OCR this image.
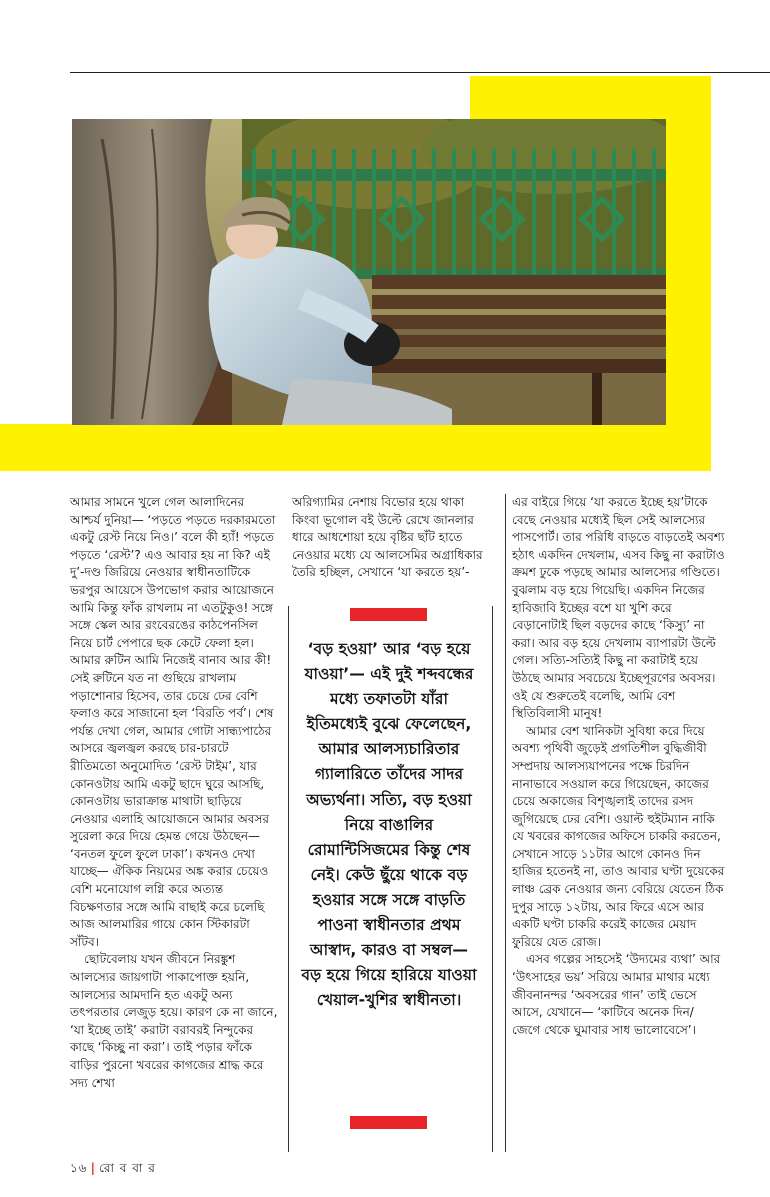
আমার সামনে খুলে গেল আলাদিনের আশ্চর্য দুনিয়া— ‘পড়তে পড়তে দরকারমতো একটু রেস্ট নিয়ে নিও।’ বলে কী হ্যাঁ! পড়তে পড়তে ‘রেস্ট’? এও আবার হয় না কি? এই দু’-দণ্ড জিরিয়ে নেওয়ার স্বাধীনতাটিকে ভরপুর আয়েসে উপভোগ করার আয়োজনে আমি কিন্তু ফাঁক রাখলাম না এতটুকুও! সঙ্গে সঙ্গে স্কেল আর রংবেরঙের কাঠপেনসিল নিয়ে চার্ট পেপারে ছক কেটে ফেলা হল। আমার রুটিন আমি নিজেই বানাব আর কী! সেই রুটিনে যত না গুছিয়ে রাখলাম পড়াশোনার হিসেব, তার চেয়ে ঢের বেশি ফলাও করে সাজানো হল ‘বিরতি পর্ব’। শেষ পর্যন্ত দেখা গেল, আমার গোটা সান্ধ্যপাঠের আসরে জ্বলজ্বল করছে চার-চারটে রীতিমতো অনুমোদিত ‘রেস্ট টাইম’, যার কোনওটায় আমি একটু ছাদে ঘুরে আসছি, কোনওটায় ভারাক্রান্ত মাথাটা ছাড়িয়ে নেওয়ার এলাহি আয়োজনে আমার অবসর সুরেলা করে দিয়ে হেমন্ত গেয়ে উঠছেন— ‘বনতল ফুলে ফুলে ঢাকা’। কখনও দেখা যাচ্ছে— ঐকিক নিয়মের অঙ্ক করার চেয়েও বেশি মনোযোগ লগ্নি করে অত্যন্ত বিচক্ষণতার সঙ্গে আমি বাছাই করে চলেছি আজ আলমারির গায়ে কোন স্টিকারটা সাঁটব।

ছোটবেলায় যখন জীবনে নিরঙ্কুশ আলস্যের জায়গাটা পাকাপোক্ত হয়নি, আলস্যের আমদানি হত একটু অন্য তৎপরতার লেজুড় হয়ে। কারণ কে না জানে, ‘যা ইচ্ছে তাই’ করাটা বরাবরই নিন্দুকের কাছে ‘কিচ্ছু না করা’। তাই পড়ার ফাঁকে বাড়ির পুরনো খবরের কাগজের শ্রাদ্ধ করে সদ্য শেখা

অরিগ্যামির নেশায় বিভোর হয়ে থাকা কিংবা ভূগোল বই উল্টে রেখে জানলার ধারে আধশোয়া হয়ে বৃষ্টির ছাঁট হাতে নেওয়ার মধ্যে যে আলসেমির অগ্রাধিকার তৈরি হচ্ছিল, সেখানে ‘যা করতে হয়’-

‘বড় হওয়া’ আর ‘বড় হয়ে যাওয়া’— এই দুই শব্দবন্ধের মধ্যে তফাতটা যাঁরা ইতিমধ্যেই বুঝে ফেলেছেন, আমার আলস্যচারিতার গ্যালারিতে তাঁদের সাদর অভ্যর্থনা। সত্যি, বড় হওয়া নিয়ে বাঙালির রোমান্টিসিজমের কিন্তু শেষ নেই। কেউ ছুঁয়ে থাকে বড় হওয়ার সঙ্গে সঙ্গে বাড়তি পাওনা স্বাধীনতার প্রথম আস্বাদ, কারও বা সম্বল— বড় হয়ে গিয়ে হারিয়ে যাওয়া খেয়াল-খুশির স্বাধীনতা।

এর বাইরে গিয়ে ‘যা করতে ইচ্ছে হয়’টাকে বেছে নেওয়ার মধ্যেই ছিল সেই আলস্যের পাসপোর্ট। তার পরিধি বাড়তে বাড়তেই অবশ্য হঠাৎ একদিন দেখলাম, এসব কিছু না করাটাও ক্রমশ ঢুকে পড়ছে আমার আলস্যের গণ্ডিতে। বুঝলাম বড় হয়ে গিয়েছি। একদিন নিজের হাবিজাবি ইচ্ছের বশে যা খুশি করে বেড়ানোটাই ছিল বড়দের কাছে ‘কিস্যু’ না করা। আর বড় হয়ে দেখলাম ব্যাপারটা উল্টে গেল। সত্যি-সত্যিই কিছু না করাটাই হয়ে উঠছে আমার সবচেয়ে ইচ্ছেপূরণের অবসর। ওই যে শুরুতেই বলেছি, আমি বেশ স্থিতিবিলাসী মানুষ!

আমার বেশ খানিকটা সুবিধা করে দিয়ে অবশ্য পৃথিবী জুড়েই প্রগতিশীল বুদ্ধিজীবী সম্প্রদায় আলস্যযাপনের পক্ষে চিরদিন নানাভাবে সওয়াল করে গিয়েছেন, কাজের চেয়ে অকাজের বিশৃঙ্খলাই তাদের রসদ জুগিয়েছে ঢের বেশি। ওয়াল্ট হুইটম্যান নাকি যে খবরের কাগজের অফিসে চাকরি করতেন, সেখানে সাড়ে ১১টার আগে কোনও দিন হাজির হতেনই না, তাও আবার ঘণ্টা দুয়েকের লাঞ্চ ব্রেক নেওয়ার জন্য বেরিয়ে যেতেন ঠিক দুপুর সাড়ে ১২টায়, আর ফিরে এসে আর একটি ঘণ্টা চাকরি করেই কাজের মেয়াদ ফুরিয়ে যেত রোজ।

এসব গল্পের সাহসেই ‘উদ্যমের ব্যথা’ আর ‘উৎসাহের ভয়’ সরিয়ে আমার মাথার মধ্যে জীবনানন্দর ‘অবসরের গান’ তাই ভেসে আসে, যেখানে— ‘কাটিবে অনেক দিন/ জেগে থেকে ঘুমাবার সাধ ভালোবেসে’।

১৬ | রো ব বা র
